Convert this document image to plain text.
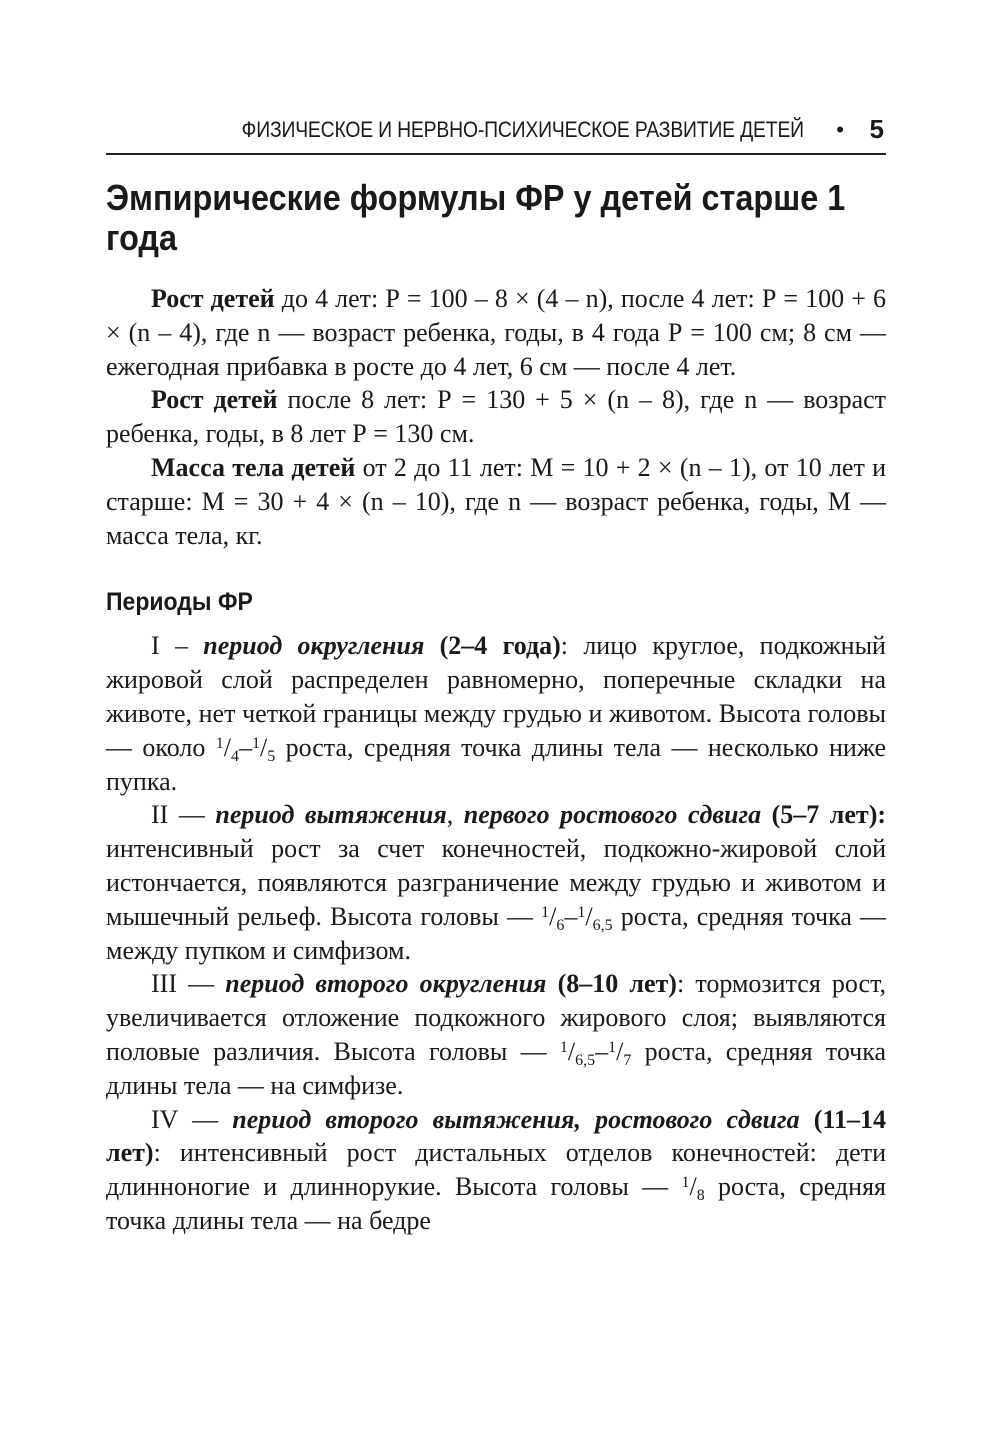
ФИЗИЧЕСКОЕ И НЕРВНО-ПСИХИЧЕСКОЕ РАЗВИТИЕ ДЕТЕЙ • 5
Эмпирические формулы ФР у детей старше 1 года

Рост детей до 4 лет: Р = 100 – 8 × (4 – n), после 4 лет: Р = 100 + 6 × (n – 4), где n — возраст ребенка, годы, в 4 года Р = 100 см; 8 см — ежегодная прибавка в росте до 4 лет, 6 см — после 4 лет.

Рост детей после 8 лет: Р = 130 + 5 × (n – 8), где n — возраст ребенка, годы, в 8 лет Р = 130 см.

Масса тела детей от 2 до 11 лет: М = 10 + 2 × (n – 1), от 10 лет и старше: М = 30 + 4 × (n – 10), где n — возраст ребенка, годы, М — масса тела, кг.

Периоды ФР

I – период округления (2–4 года): лицо круглое, подкожный жировой слой распределен равномерно, поперечные складки на животе, нет четкой границы между грудью и животом. Высота головы — около $^1/_4-^1/_5$ роста, средняя точка длины тела — несколько ниже пупка.

II — период вытяжения, первого ростового сдвига (5–7 лет): интенсивный рост за счет конечностей, подкожно-жировой слой истончается, появляются разграничение между грудью и животом и мышечный рельеф. Высота головы — $^1/_6-^1/_{6,5}$ роста, средняя точка — между пупком и симфизом.

III — период второго округления (8–10 лет): тормозится рост, увеличивается отложение подкожного жирового слоя; выявляются половые различия. Высота головы — $^1/_{6,5}-^1/_7$ роста, средняя точка длины тела — на симфизе.

IV — период второго вытяжения, ростового сдвига (11–14 лет): интенсивный рост дистальных отделов конечностей: дети длинноногие и длиннорукие. Высота головы — $^1/_8$ роста, средняя точка длины тела — на бедре
